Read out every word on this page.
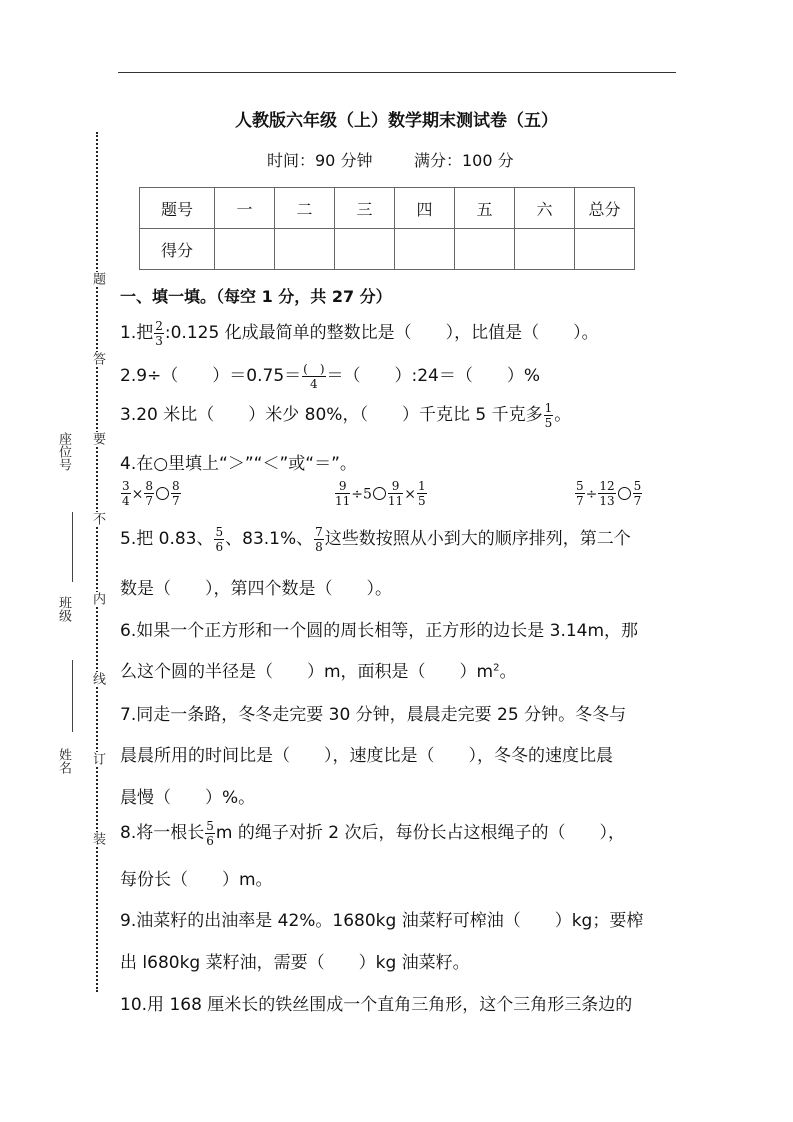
座位号
班级
姓名
题
答
要
不
内
线
订
装
人教版六年级（上）数学期末测试卷（五）
时间：90 分钟	满分：100 分
题号	一	二	三	四	五	六	总分
得分							
一、填一填。（每空 1 分，共 27 分）
1.把 $\frac{2}{3}$ :0.125 化成最简单的整数比是（　　），比值是（　　）。
2.9÷（　　）$=0.75= \frac{( )}{4}$ ＝（　　）:24＝（　　）%
3.20 米比（　　）米少 80%，（　　）千克比 5 千克多 $\frac{1}{5}$ 。
4.在○里填上“＞”“＜”或“＝”。
$\frac{3}{4} \times \frac{8}{7} \frac{8}{7}$	$\frac{9}{11} \div 5 \frac{9}{11} \times \frac{1}{5}$	$\frac{5}{7} \div \frac{12}{13} \frac{5}{7}$
5.把 0.83、 $\frac{5}{6}$ 、83.1%、 $\frac{7}{8}$ 这些数按照从小到大的顺序排列，第二个
数是（　　），第四个数是（　　）。
6.如果一个正方形和一个圆的周长相等，正方形的边长是 3.14m，那
么这个圆的半径是（　　）m，面积是（　　）$m^2$。
7.同走一条路，冬冬走完要 30 分钟，晨晨走完要 25 分钟。冬冬与
晨晨所用的时间比是（　　），速度比是（　　），冬冬的速度比晨
晨慢（　　）%。
8.将一根长 $\frac{5}{6}$ m 的绳子对折 2 次后，每份长占这根绳子的（　　），
每份长（　　）m。
9.油菜籽的出油率是 42%。1680kg 油菜籽可榨油（　　）kg；要榨
出 l680kg 菜籽油，需要（　　）kg 油菜籽。
10.用 168 厘米长的铁丝围成一个直角三角形，这个三角形三条边的
